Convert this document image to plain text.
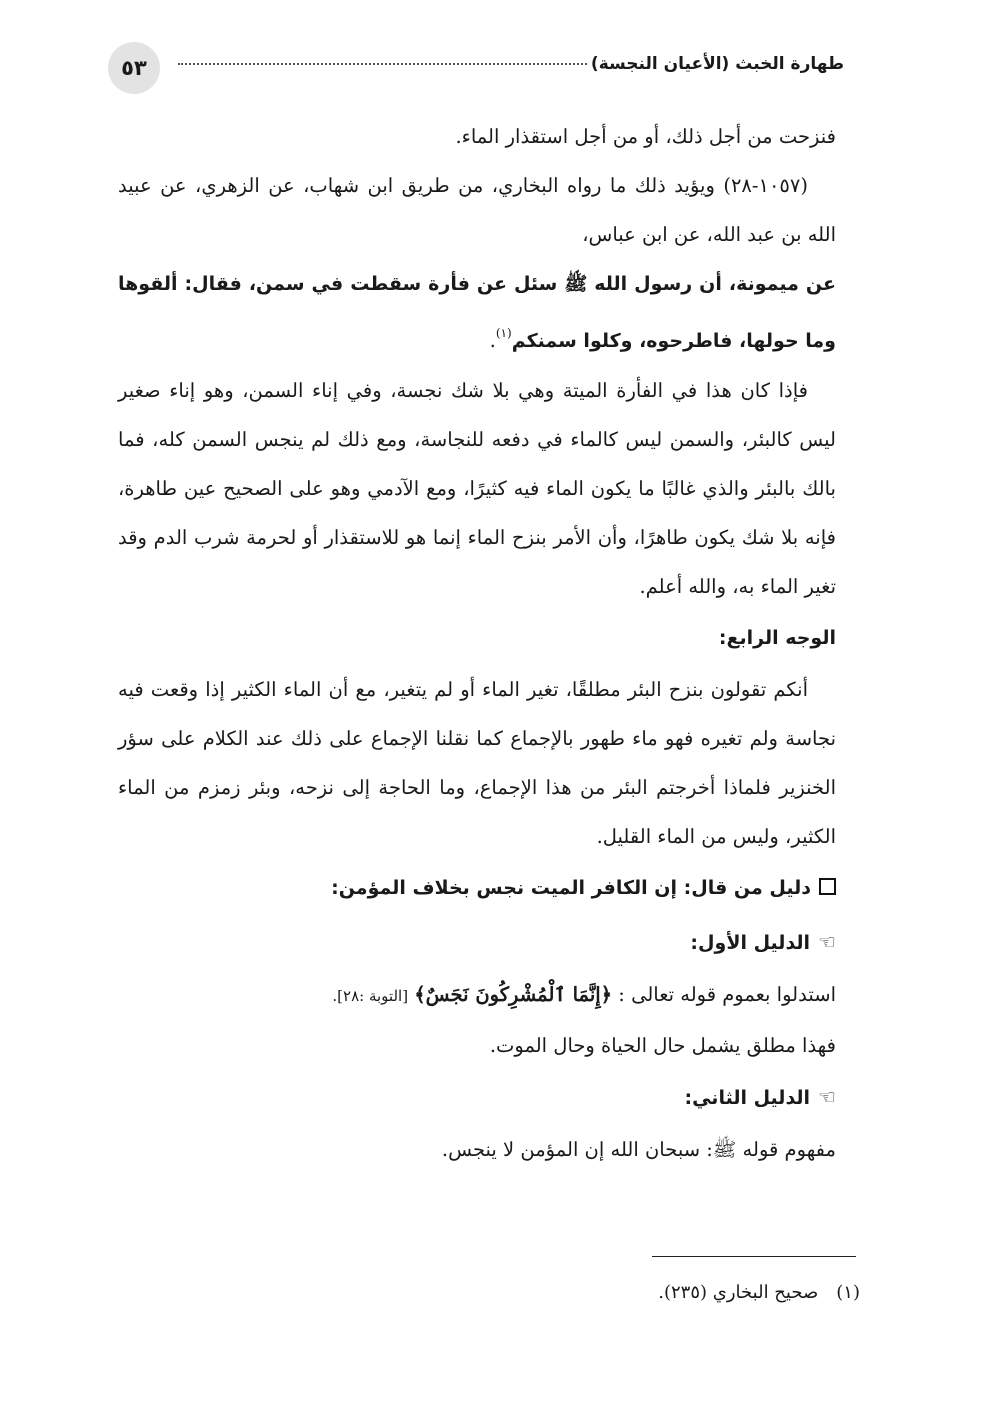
٥٣	طهارة الخبث (الأعيان النجسة)

فنزحت من أجل ذلك، أو من أجل استقذار الماء.

(١٠٥٧-٢٨) ويؤيد ذلك ما رواه البخاري، من طريق ابن شهاب، عن الزهري، عن عبيد الله بن عبد الله، عن ابن عباس،

عن ميمونة، أن رسول الله ﷺ سئل عن فأرة سقطت في سمن، فقال: ألقوها وما حولها، فاطرحوه، وكلوا سمنكم$^{(١)}$.

فإذا كان هذا في الفأرة الميتة وهي بلا شك نجسة، وفي إناء السمن، وهو إناء صغير ليس كالبئر، والسمن ليس كالماء في دفعه للنجاسة، ومع ذلك لم ينجس السمن كله، فما بالك بالبئر والذي غالبًا ما يكون الماء فيه كثيرًا، ومع الآدمي وهو على الصحيح عين طاهرة، فإنه بلا شك يكون طاهرًا، وأن الأمر بنزح الماء إنما هو للاستقذار أو لحرمة شرب الدم وقد تغير الماء به، والله أعلم.

الوجه الرابع:

أنكم تقولون بنزح البئر مطلقًا، تغير الماء أو لم يتغير، مع أن الماء الكثير إذا وقعت فيه نجاسة ولم تغيره فهو ماء طهور بالإجماع كما نقلنا الإجماع على ذلك عند الكلام على سؤر الخنزير فلماذا أخرجتم البئر من هذا الإجماع، وما الحاجة إلى نزحه، وبئر زمزم من الماء الكثير، وليس من الماء القليل.

دليل من قال: إن الكافر الميت نجس بخلاف المؤمن:

☜الدليل الأول:

استدلوا بعموم قوله تعالى : ﴿إِنَّمَا ٱلْمُشْرِكُونَ نَجَسٌ﴾ [التوبة :٢٨].

فهذا مطلق يشمل حال الحياة وحال الموت.

☜الدليل الثاني:

مفهوم قوله ﷺ: سبحان الله إن المؤمن لا ينجس.

(١)صحيح البخاري (٢٣٥).
